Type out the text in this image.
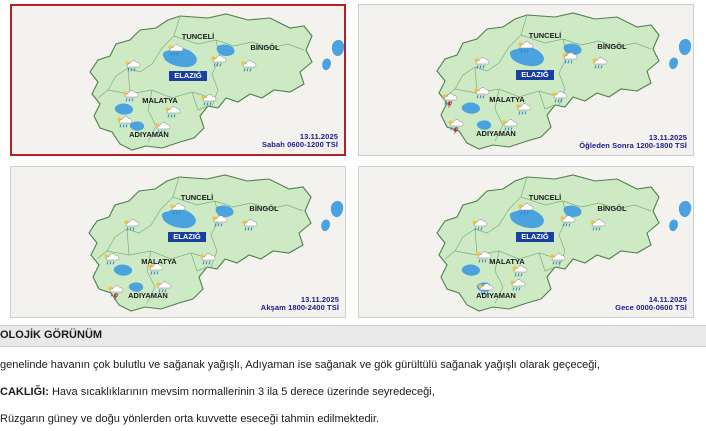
TUNCELİ
BİNGÖL
ELAZIĞ
MALATYA
ADIYAMAN	13.11.2025
Sabah 0600-1200 TSİ
TUNCELİ
BİNGÖL
ELAZIĞ
MALATYA
ADIYAMAN	13.11.2025
Öğleden Sonra 1200-1800 TSİ
TUNCELİ
BİNGÖL
ELAZIĞ
MALATYA
ADIYAMAN	13.11.2025
Akşam 1800-2400 TSİ
TUNCELİ
BİNGÖL
ELAZIĞ
MALATYA
ADIYAMAN	14.11.2025
Gece 0000-0600 TSİ
OLOJİK GÖRÜNÜM
genelinde havanın çok bulutlu ve sağanak yağışlı, Adıyaman ise sağanak ve gök gürültülü sağanak yağışlı olarak geçeceği,
CAKLIĞI: Hava sıcaklıklarının mevsim normallerinin 3 ila 5 derece üzerinde seyredeceği,
Rüzgarın güney ve doğu yönlerden orta kuvvette eseceği tahmin edilmektedir.
